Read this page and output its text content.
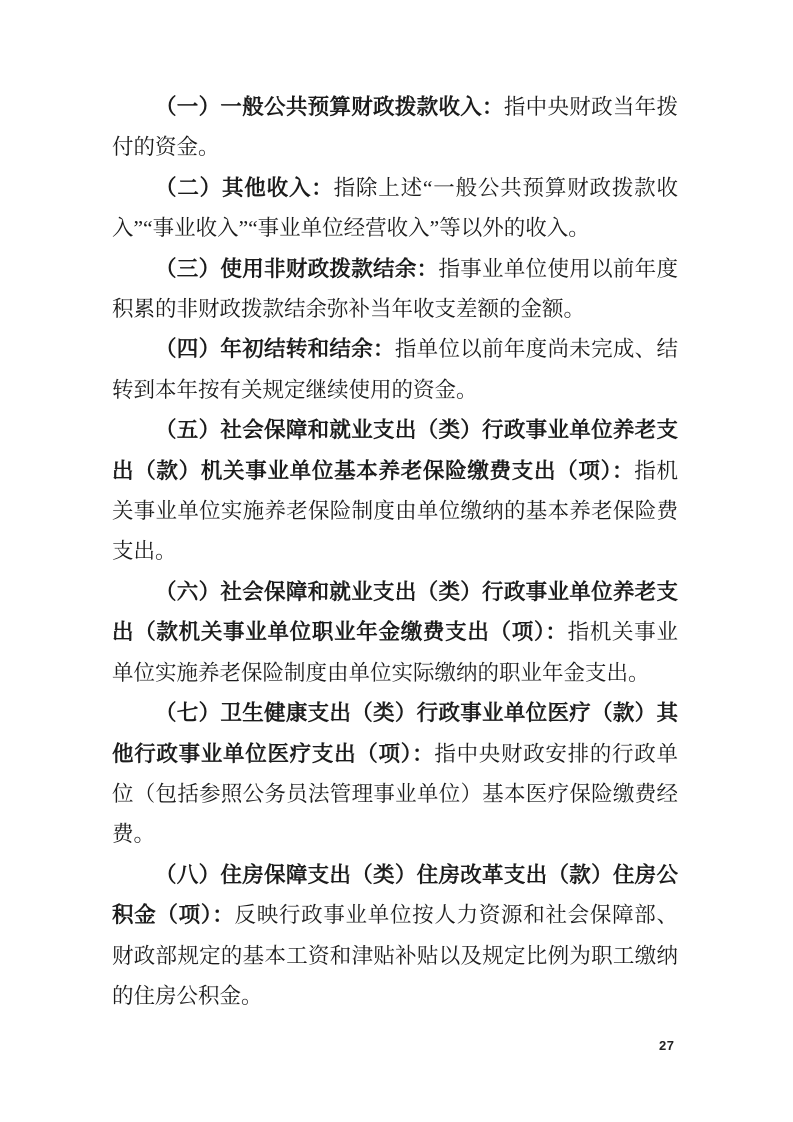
（一）一般公共预算财政拨款收入：指中央财政当年拨付的资金。

（二）其他收入：指除上述“一般公共预算财政拨款收入”“事业收入”“事业单位经营收入”等以外的收入。

（三）使用非财政拨款结余：指事业单位使用以前年度积累的非财政拨款结余弥补当年收支差额的金额。

（四）年初结转和结余：指单位以前年度尚未完成、结转到本年按有关规定继续使用的资金。

（五）社会保障和就业支出（类）行政事业单位养老支出（款）机关事业单位基本养老保险缴费支出（项）：指机关事业单位实施养老保险制度由单位缴纳的基本养老保险费支出。

（六）社会保障和就业支出（类）行政事业单位养老支出（款机关事业单位职业年金缴费支出（项）：指机关事业单位实施养老保险制度由单位实际缴纳的职业年金支出。

（七）卫生健康支出（类）行政事业单位医疗（款）其他行政事业单位医疗支出（项）：指中央财政安排的行政单位（包括参照公务员法管理事业单位）基本医疗保险缴费经费。

（八）住房保障支出（类）住房改革支出（款）住房公积金（项）：反映行政事业单位按人力资源和社会保障部、财政部规定的基本工资和津贴补贴以及规定比例为职工缴纳的住房公积金。

27
